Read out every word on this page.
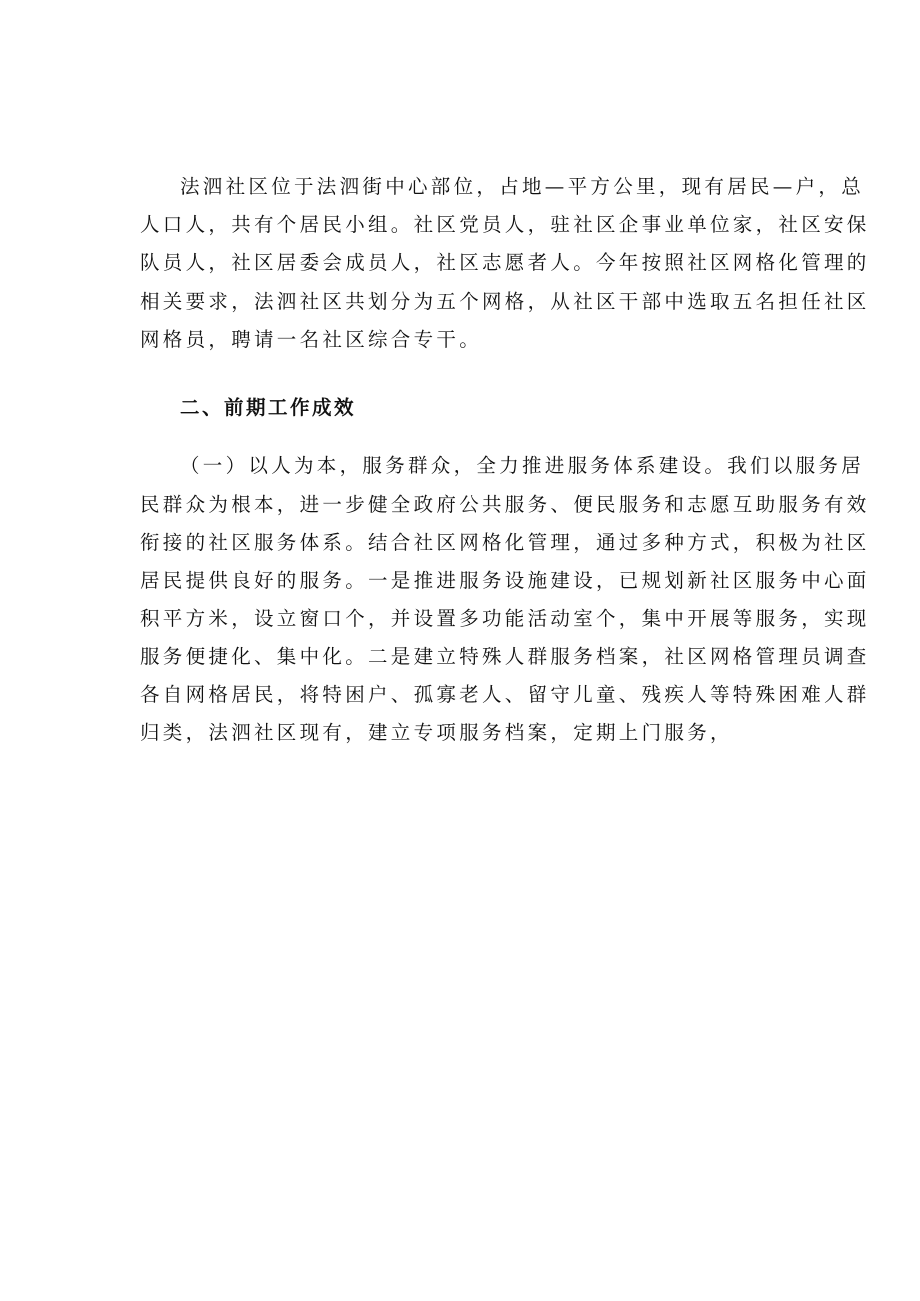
法泗社区位于法泗街中心部位，占地—平方公里，现有居民—户，总
人口人，共有个居民小组。社区党员人，驻社区企事业单位家，社区安保
队员人，社区居委会成员人，社区志愿者人。今年按照社区网格化管理的
相关要求，法泗社区共划分为五个网格，从社区干部中选取五名担任社区
网格员，聘请一名社区综合专干。
二、前期工作成效
（一）以人为本，服务群众，全力推进服务体系建设。我们以服务居
民群众为根本，进一步健全政府公共服务、便民服务和志愿互助服务有效
衔接的社区服务体系。结合社区网格化管理，通过多种方式，积极为社区
居民提供良好的服务。一是推进服务设施建设，已规划新社区服务中心面
积平方米，设立窗口个，并设置多功能活动室个，集中开展等服务，实现
服务便捷化、集中化。二是建立特殊人群服务档案，社区网格管理员调查
各自网格居民，将特困户、孤寡老人、留守儿童、残疾人等特殊困难人群
归类，法泗社区现有，建立专项服务档案，定期上门服务，
